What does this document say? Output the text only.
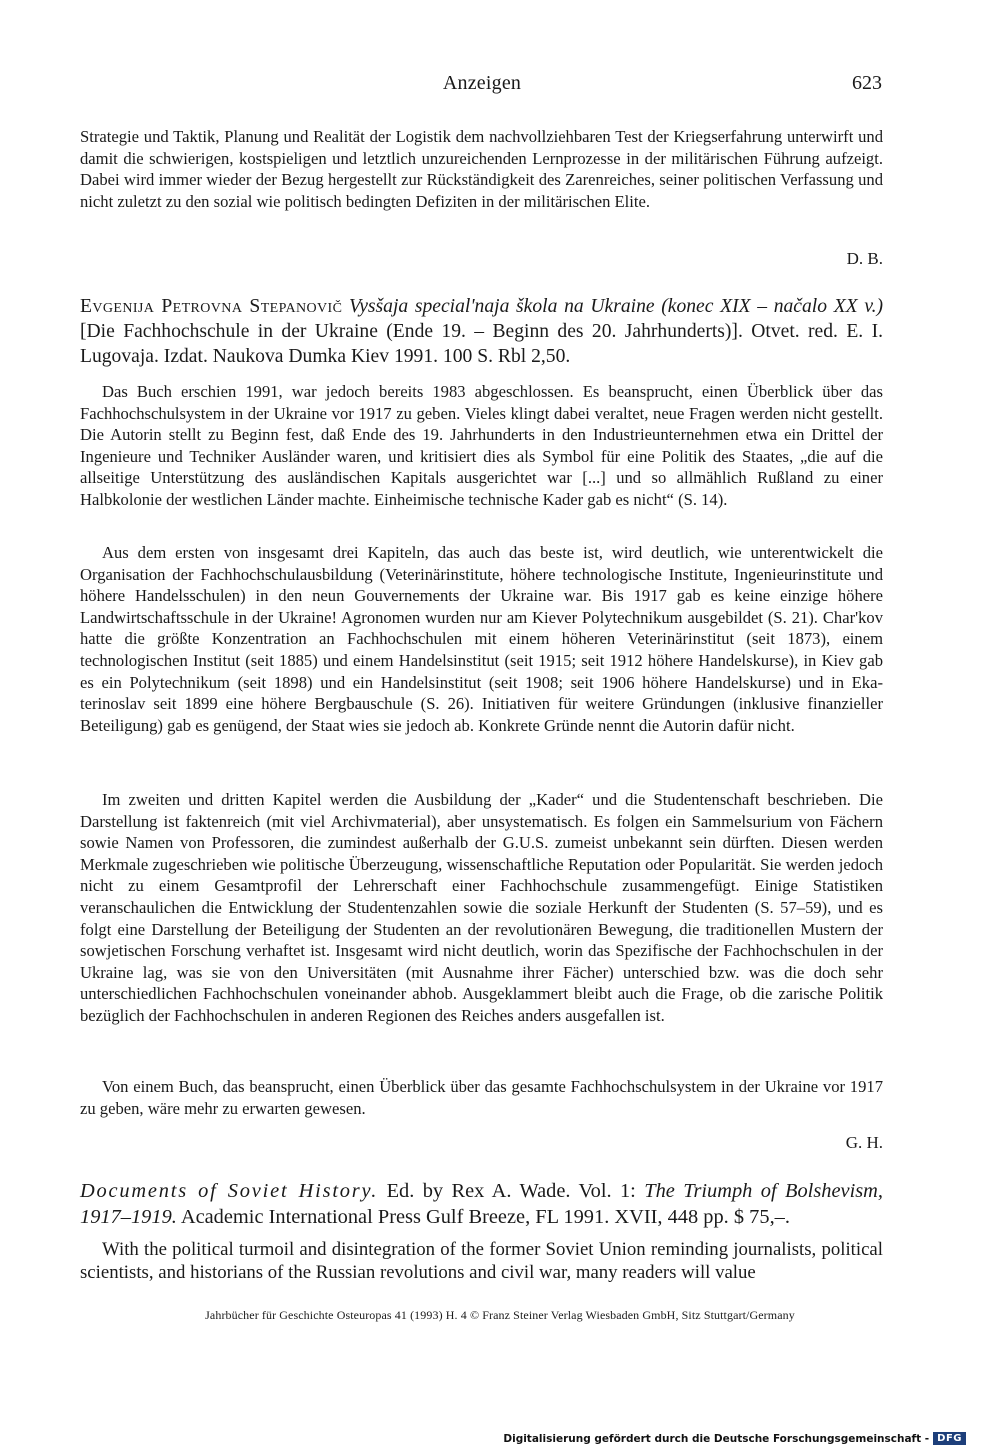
Anzeigen	623

Strategie und Taktik, Planung und Realität der Logistik dem nachvollziehbaren Test der Kriegserfahrung unterwirft und damit die schwierigen, kostspieligen und letztlich unzureichenden Lernprozesse in der militärischen Führung aufzeigt. Dabei wird immer wieder der Bezug hergestellt zur Rückständigkeit des Zarenreiches, seiner politischen Verfassung und nicht zuletzt zu den sozial wie politisch bedingten Defiziten in der militärischen Elite.

D. B.

Evgenija Petrovna Stepanovič Vysšaja special'naja škola na Ukraine (konec XIX – načalo XX v.) [Die Fachhochschule in der Ukraine (Ende 19. – Beginn des 20. Jahrhunderts)]. Otvet. red. E. I. Lugovaja. Izdat. Naukova Dumka Kiev 1991. 100 S. Rbl 2,50.

Das Buch erschien 1991, war jedoch bereits 1983 abgeschlossen. Es beansprucht, einen Überblick über das Fachhochschulsystem in der Ukraine vor 1917 zu geben. Vieles klingt dabei veraltet, neue Fragen werden nicht gestellt. Die Autorin stellt zu Beginn fest, daß Ende des 19. Jahrhunderts in den Industrieunternehmen etwa ein Drittel der Ingenieure und Techniker Ausländer waren, und kritisiert dies als Symbol für eine Politik des Staates, „die auf die allseitige Unterstützung des ausländischen Kapitals ausgerichtet war [...] und so allmählich Rußland zu einer Halbkolonie der westlichen Länder machte. Einheimische technische Kader gab es nicht“ (S. 14).

Aus dem ersten von insgesamt drei Kapiteln, das auch das beste ist, wird deutlich, wie unterentwickelt die Organisation der Fachhochschulausbildung (Veterinärinstitute, höhere technologische Institute, Ingenieurinstitute und höhere Handelsschulen) in den neun Gouvernements der Ukraine war. Bis 1917 gab es keine einzige höhere Landwirtschaftsschule in der Ukraine! Agronomen wurden nur am Kiever Polytechnikum ausgebildet (S. 21). Char'kov hatte die größte Konzentration an Fachhochschulen mit einem höheren Veterinärinstitut (seit 1873), einem technologischen Institut (seit 1885) und einem Handelsinstitut (seit 1915; seit 1912 höhere Handelskurse), in Kiev gab es ein Polytechnikum (seit 1898) und ein Handelsinstitut (seit 1908; seit 1906 höhere Handelskurse) und in Ekaterinoslav seit 1899 eine höhere Bergbauschule (S. 26). Initiativen für weitere Gründungen (inklusive finanzieller Beteiligung) gab es genügend, der Staat wies sie jedoch ab. Konkrete Gründe nennt die Autorin dafür nicht.

Im zweiten und dritten Kapitel werden die Ausbildung der „Kader“ und die Studentenschaft beschrieben. Die Darstellung ist faktenreich (mit viel Archivmaterial), aber unsystematisch. Es folgen ein Sammelsurium von Fächern sowie Namen von Professoren, die zumindest außerhalb der G.U.S. zumeist unbekannt sein dürften. Diesen werden Merkmale zugeschrieben wie politische Überzeugung, wissenschaftliche Reputation oder Popularität. Sie werden jedoch nicht zu einem Gesamtprofil der Lehrerschaft einer Fachhochschule zusammengefügt. Einige Statistiken veranschaulichen die Entwicklung der Studentenzahlen sowie die soziale Herkunft der Studenten (S. 57–59), und es folgt eine Darstellung der Beteiligung der Studenten an der revolutionären Bewegung, die traditionellen Mustern der sowjetischen Forschung verhaftet ist. Insgesamt wird nicht deutlich, worin das Spezifische der Fachhochschulen in der Ukraine lag, was sie von den Universitäten (mit Ausnahme ihrer Fächer) unterschied bzw. was die doch sehr unterschiedlichen Fachhochschulen voneinander abhob. Ausgeklammert bleibt auch die Frage, ob die zarische Politik bezüglich der Fachhochschulen in anderen Regionen des Reiches anders ausgefallen ist.

Von einem Buch, das beansprucht, einen Überblick über das gesamte Fachhochschulsystem in der Ukraine vor 1917 zu geben, wäre mehr zu erwarten gewesen.

G. H.

Documents of Soviet History. Ed. by Rex A. Wade. Vol. 1: The Triumph of Bolshevism, 1917–1919. Academic International Press Gulf Breeze, FL 1991. XVII, 448 pp. $ 75,–.

With the political turmoil and disintegration of the former Soviet Union reminding journalists, political scientists, and historians of the Russian revolutions and civil war, many readers will value

Jahrbücher für Geschichte Osteuropas 41 (1993) H. 4 © Franz Steiner Verlag Wiesbaden GmbH, Sitz Stuttgart/Germany
Digitalisierung gefördert durch die Deutsche Forschungsgemeinschaft - DFG
